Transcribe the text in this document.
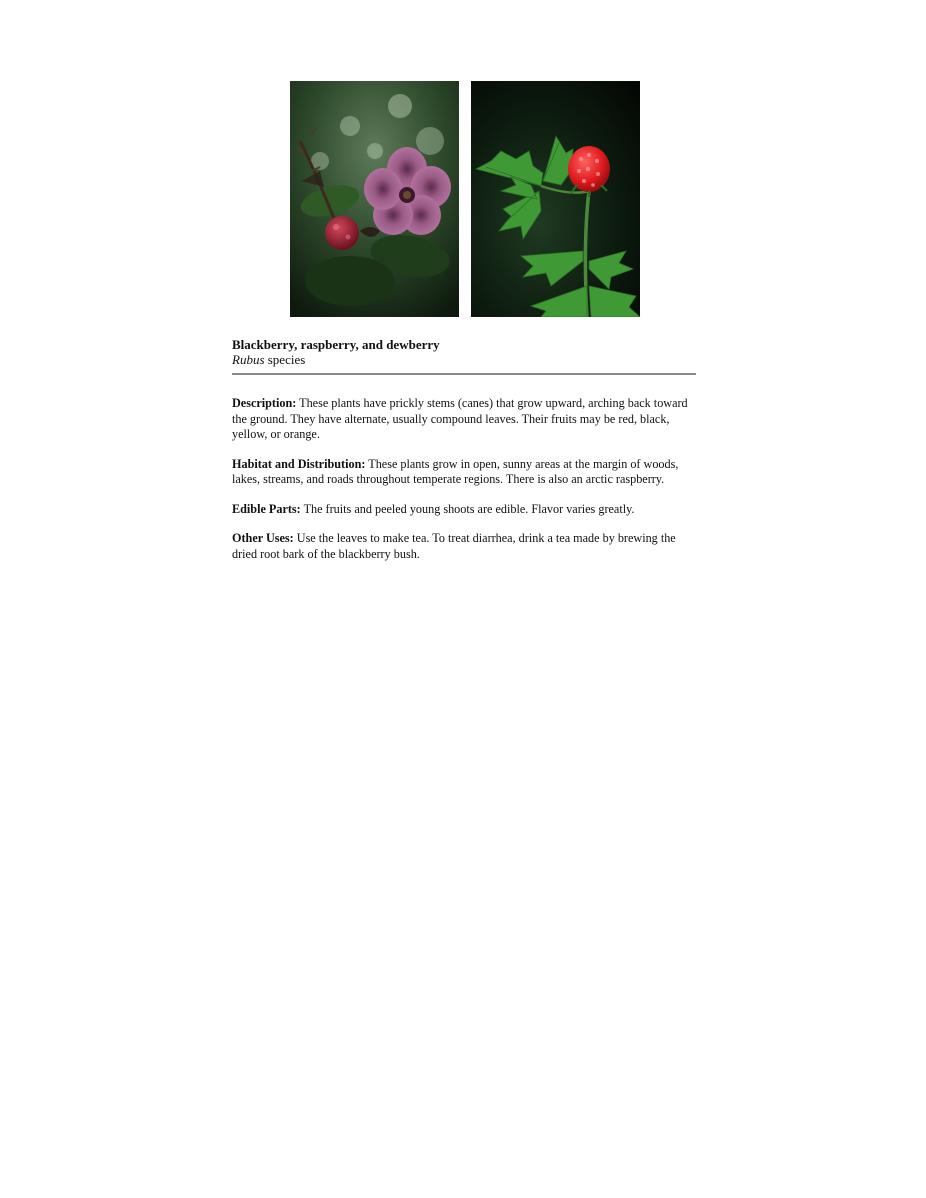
Blackberry, raspberry, and dewberry
Rubus species

Description: These plants have prickly stems (canes) that grow upward, arching back toward the ground. They have alternate, usually compound leaves. Their fruits may be red, black, yellow, or orange.

Habitat and Distribution: These plants grow in open, sunny areas at the margin of woods, lakes, streams, and roads throughout temperate regions. There is also an arctic raspberry.

Edible Parts: The fruits and peeled young shoots are edible. Flavor varies greatly.

Other Uses: Use the leaves to make tea. To treat diarrhea, drink a tea made by brewing the dried root bark of the blackberry bush.
